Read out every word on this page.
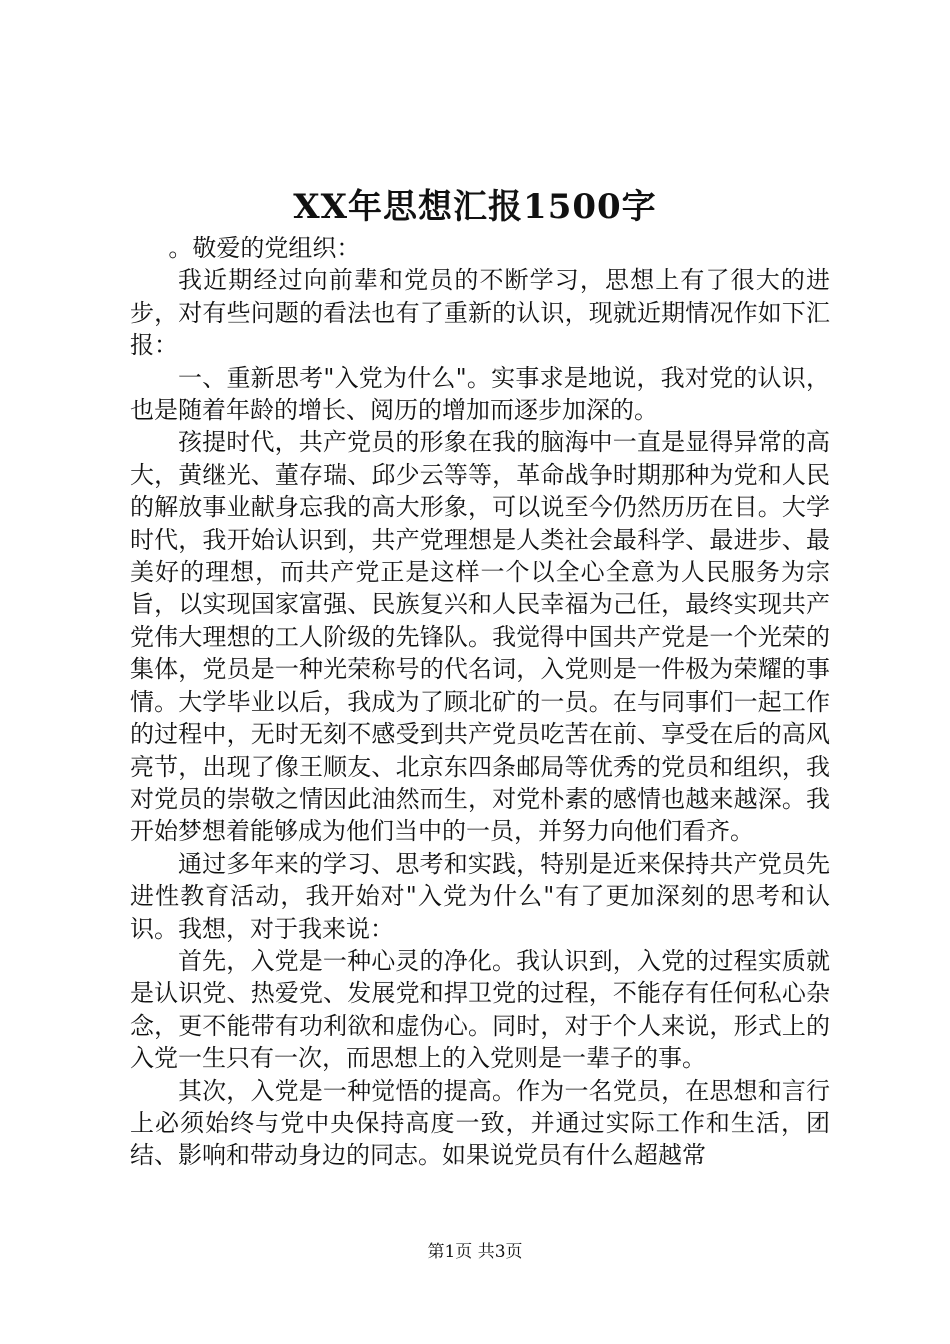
XX年思想汇报1500字

。敬爱的党组织：

我近期经过向前辈和党员的不断学习，思想上有了很大的进步，对有些问题的看法也有了重新的认识，现就近期情况作如下汇报：

一、重新思考"入党为什么"。实事求是地说，我对党的认识，也是随着年龄的增长、阅历的增加而逐步加深的。

孩提时代，共产党员的形象在我的脑海中一直是显得异常的高大，黄继光、董存瑞、邱少云等等，革命战争时期那种为党和人民的解放事业献身忘我的高大形象，可以说至今仍然历历在目。大学时代，我开始认识到，共产党理想是人类社会最科学、最进步、最美好的理想，而共产党正是这样一个以全心全意为人民服务为宗旨，以实现国家富强、民族复兴和人民幸福为己任，最终实现共产党伟大理想的工人阶级的先锋队。我觉得中国共产党是一个光荣的集体，党员是一种光荣称号的代名词，入党则是一件极为荣耀的事情。大学毕业以后，我成为了顾北矿的一员。在与同事们一起工作的过程中，无时无刻不感受到共产党员吃苦在前、享受在后的高风亮节，出现了像王顺友、北京东四条邮局等优秀的党员和组织，我对党员的崇敬之情因此油然而生，对党朴素的感情也越来越深。我开始梦想着能够成为他们当中的一员，并努力向他们看齐。

通过多年来的学习、思考和实践，特别是近来保持共产党员先进性教育活动，我开始对"入党为什么"有了更加深刻的思考和认识。我想，对于我来说：

首先，入党是一种心灵的净化。我认识到，入党的过程实质就是认识党、热爱党、发展党和捍卫党的过程，不能存有任何私心杂念，更不能带有功利欲和虚伪心。同时，对于个人来说，形式上的入党一生只有一次，而思想上的入党则是一辈子的事。

其次，入党是一种觉悟的提高。作为一名党员，在思想和言行上必须始终与党中央保持高度一致，并通过实际工作和生活，团结、影响和带动身边的同志。如果说党员有什么超越常

第1页 共3页
